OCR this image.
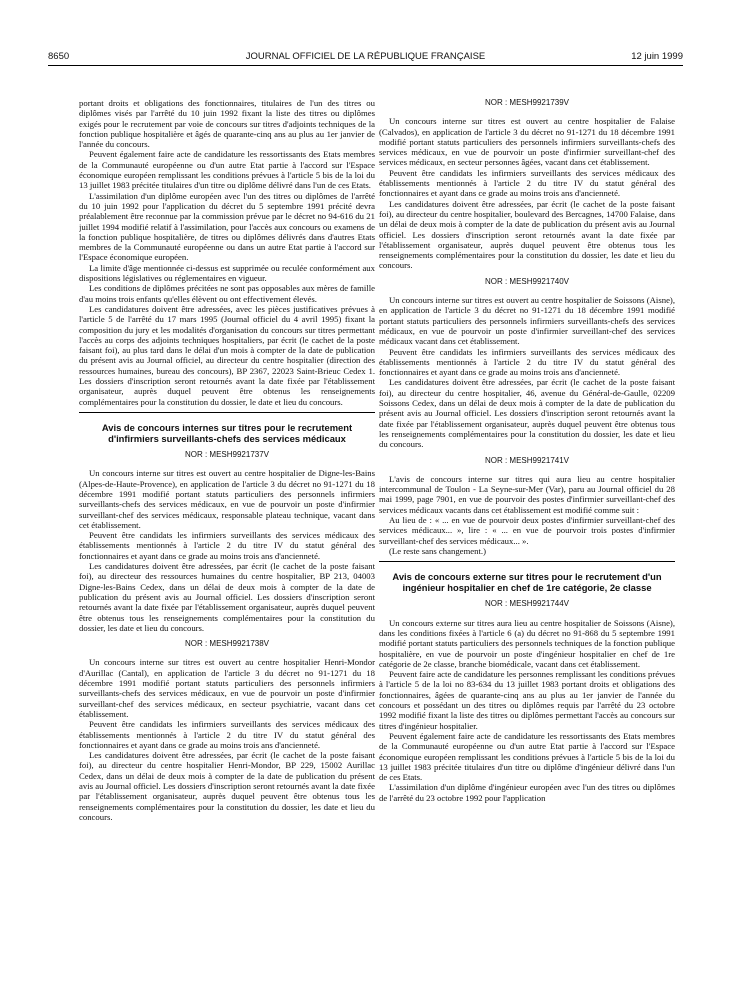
8650	JOURNAL OFFICIEL DE LA RÉPUBLIQUE FRANÇAISE	12 juin 1999

portant droits et obligations des fonctionnaires, titulaires de l'un des titres ou diplômes visés par l'arrêté du 10 juin 1992 fixant la liste des titres ou diplômes exigés pour le recrutement par voie de concours sur titres d'adjoints techniques de la fonction publique hospitalière et âgés de quarante-cinq ans au plus au 1er janvier de l'année du concours.

Peuvent également faire acte de candidature les ressortissants des Etats membres de la Communauté européenne ou d'un autre Etat partie à l'accord sur l'Espace économique européen remplissant les conditions prévues à l'article 5 bis de la loi du 13 juillet 1983 précitée titulaires d'un titre ou diplôme délivré dans l'un de ces Etats.

L'assimilation d'un diplôme européen avec l'un des titres ou diplômes de l'arrêté du 10 juin 1992 pour l'application du décret du 5 septembre 1991 précité devra préalablement être reconnue par la commission prévue par le décret no 94-616 du 21 juillet 1994 modifié relatif à l'assimilation, pour l'accès aux concours ou examens de la fonction publique hospitalière, de titres ou diplômes délivrés dans d'autres Etats membres de la Communauté européenne ou dans un autre Etat partie à l'accord sur l'Espace économique européen.

La limite d'âge mentionnée ci-dessus est supprimée ou reculée conformément aux dispositions législatives ou réglementaires en vigueur.

Les conditions de diplômes précitées ne sont pas opposables aux mères de famille d'au moins trois enfants qu'elles élèvent ou ont effectivement élevés.

Les candidatures doivent être adressées, avec les pièces justificatives prévues à l'article 5 de l'arrêté du 17 mars 1995 (Journal officiel du 4 avril 1995) fixant la composition du jury et les modalités d'organisation du concours sur titres permettant l'accès au corps des adjoints techniques hospitaliers, par écrit (le cachet de la poste faisant foi), au plus tard dans le délai d'un mois à compter de la date de publication du présent avis au Journal officiel, au directeur du centre hospitalier (direction des ressources humaines, bureau des concours), BP 2367, 22023 Saint-Brieuc Cedex 1. Les dossiers d'inscription seront retournés avant la date fixée par l'établissement organisateur, auprès duquel peuvent être obtenus les renseignements complémentaires pour la constitution du dossier, le date et lieu du concours.

Avis de concours internes sur titres pour le recrutement d'infirmiers surveillants-chefs des services médicaux

NOR : MESH9921737V

Un concours interne sur titres est ouvert au centre hospitalier de Digne-les-Bains (Alpes-de-Haute-Provence), en application de l'article 3 du décret no 91-1271 du 18 décembre 1991 modifié portant statuts particuliers des personnels infirmiers surveillants-chefs des services médicaux, en vue de pourvoir un poste d'infirmier surveillant-chef des services médicaux, responsable plateau technique, vacant dans cet établissement.

Peuvent être candidats les infirmiers surveillants des services médicaux des établissements mentionnés à l'article 2 du titre IV du statut général des fonctionnaires et ayant dans ce grade au moins trois ans d'ancienneté.

Les candidatures doivent être adressées, par écrit (le cachet de la poste faisant foi), au directeur des ressources humaines du centre hospitalier, BP 213, 04003 Digne-les-Bains Cedex, dans un délai de deux mois à compter de la date de publication du présent avis au Journal officiel. Les dossiers d'inscription seront retournés avant la date fixée par l'établissement organisateur, auprès duquel peuvent être obtenus tous les renseignements complémentaires pour la constitution du dossier, les date et lieu du concours.

NOR : MESH9921738V

Un concours interne sur titres est ouvert au centre hospitalier Henri-Mondor d'Aurillac (Cantal), en application de l'article 3 du décret no 91-1271 du 18 décembre 1991 modifié portant statuts particuliers des personnels infirmiers surveillants-chefs des services médicaux, en vue de pourvoir un poste d'infirmier surveillant-chef des services médicaux, en secteur psychiatrie, vacant dans cet établissement.

Peuvent être candidats les infirmiers surveillants des services médicaux des établissements mentionnés à l'article 2 du titre IV du statut général des fonctionnaires et ayant dans ce grade au moins trois ans d'ancienneté.

Les candidatures doivent être adressées, par écrit (le cachet de la poste faisant foi), au directeur du centre hospitalier Henri-Mondor, BP 229, 15002 Aurillac Cedex, dans un délai de deux mois à compter de la date de publication du présent avis au Journal officiel. Les dossiers d'inscription seront retournés avant la date fixée par l'établissement organisateur, auprès duquel peuvent être obtenus tous les renseignements complémentaires pour la constitution du dossier, les date et lieu du concours.

NOR : MESH9921739V

Un concours interne sur titres est ouvert au centre hospitalier de Falaise (Calvados), en application de l'article 3 du décret no 91-1271 du 18 décembre 1991 modifié portant statuts particuliers des personnels infirmiers surveillants-chefs des services médicaux, en vue de pourvoir un poste d'infirmier surveillant-chef des services médicaux, en secteur personnes âgées, vacant dans cet établissement.

Peuvent être candidats les infirmiers surveillants des services médicaux des établissements mentionnés à l'article 2 du titre IV du statut général des fonctionnaires et ayant dans ce grade au moins trois ans d'ancienneté.

Les candidatures doivent être adressées, par écrit (le cachet de la poste faisant foi), au directeur du centre hospitalier, boulevard des Bercagnes, 14700 Falaise, dans un délai de deux mois à compter de la date de publication du présent avis au Journal officiel. Les dossiers d'inscription seront retournés avant la date fixée par l'établissement organisateur, auprès duquel peuvent être obtenus tous les renseignements complémentaires pour la constitution du dossier, les date et lieu du concours.

NOR : MESH9921740V

Un concours interne sur titres est ouvert au centre hospitalier de Soissons (Aisne), en application de l'article 3 du décret no 91-1271 du 18 décembre 1991 modifié portant statuts particuliers des personnels infirmiers surveillants-chefs des services médicaux, en vue de pourvoir un poste d'infirmier surveillant-chef des services médicaux vacant dans cet établissement.

Peuvent être candidats les infirmiers surveillants des services médicaux des établissements mentionnés à l'article 2 du titre IV du statut général des fonctionnaires et ayant dans ce grade au moins trois ans d'ancienneté.

Les candidatures doivent être adressées, par écrit (le cachet de la poste faisant foi), au directeur du centre hospitalier, 46, avenue du Général-de-Gaulle, 02209 Soissons Cedex, dans un délai de deux mois à compter de la date de publication du présent avis au Journal officiel. Les dossiers d'inscription seront retournés avant la date fixée par l'établissement organisateur, auprès duquel peuvent être obtenus tous les renseignements complémentaires pour la constitution du dossier, les date et lieu du concours.

NOR : MESH9921741V

L'avis de concours interne sur titres qui aura lieu au centre hospitalier intercommunal de Toulon - La Seyne-sur-Mer (Var), paru au Journal officiel du 28 mai 1999, page 7901, en vue de pourvoir des postes d'infirmier surveillant-chef des services médicaux vacants dans cet établissement est modifié comme suit :

Au lieu de : « ... en vue de pourvoir deux postes d'infirmier surveillant-chef des services médicaux... », lire : « ... en vue de pourvoir trois postes d'infirmier surveillant-chef des services médicaux... ».

(Le reste sans changement.)

Avis de concours externe sur titres pour le recrutement d'un ingénieur hospitalier en chef de 1re catégorie, 2e classe

NOR : MESH9921744V

Un concours externe sur titres aura lieu au centre hospitalier de Soissons (Aisne), dans les conditions fixées à l'article 6 (a) du décret no 91-868 du 5 septembre 1991 modifié portant statuts particuliers des personnels techniques de la fonction publique hospitalière, en vue de pourvoir un poste d'ingénieur hospitalier en chef de 1re catégorie de 2e classe, branche biomédicale, vacant dans cet établissement.

Peuvent faire acte de candidature les personnes remplissant les conditions prévues à l'article 5 de la loi no 83-634 du 13 juillet 1983 portant droits et obligations des fonctionnaires, âgées de quarante-cinq ans au plus au 1er janvier de l'année du concours et possédant un des titres ou diplômes requis par l'arrêté du 23 octobre 1992 modifié fixant la liste des titres ou diplômes permettant l'accès au concours sur titres d'ingénieur hospitalier.

Peuvent également faire acte de candidature les ressortissants des Etats membres de la Communauté européenne ou d'un autre Etat partie à l'accord sur l'Espace économique européen remplissant les conditions prévues à l'article 5 bis de la loi du 13 juillet 1983 précitée titulaires d'un titre ou diplôme d'ingénieur délivré dans l'un de ces Etats.

L'assimilation d'un diplôme d'ingénieur européen avec l'un des titres ou diplômes de l'arrêté du 23 octobre 1992 pour l'application
